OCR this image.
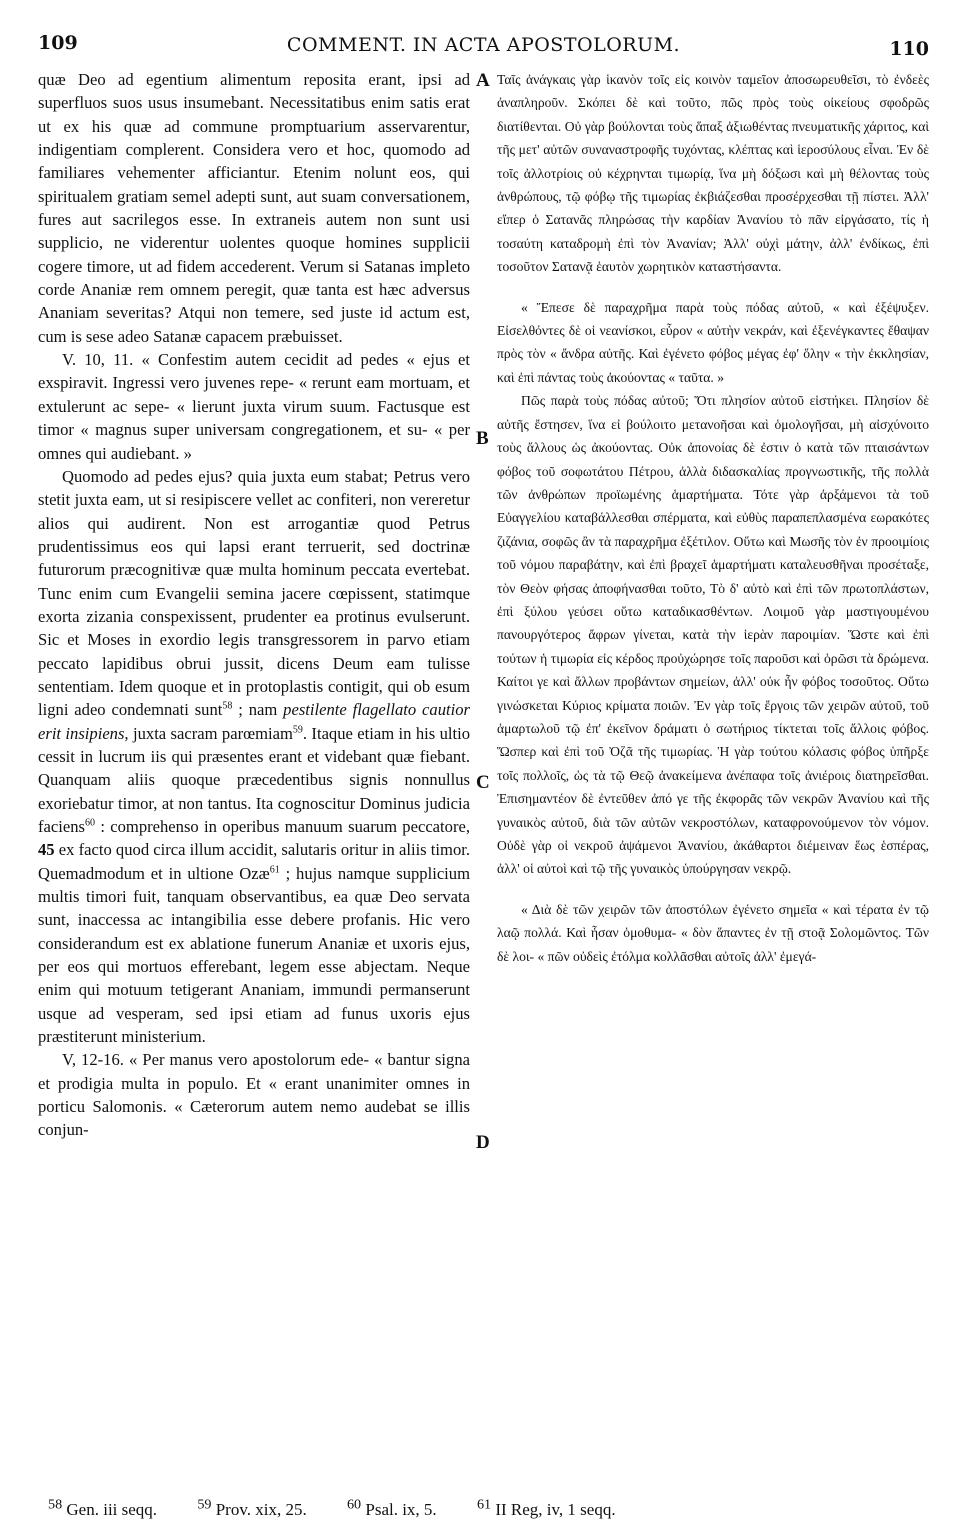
109	COMMENT. IN ACTA APOSTOLORUM.	110

quæ Deo ad egentium alimentum reposita erant, ipsi ad superfluos suos usus insumebant. Necessitatibus enim satis erat ut ex his quæ ad commune promptuarium asservarentur, indigentiam complerent. Considera vero et hoc, quomodo ad familiares vehementer afficiantur. Etenim nolunt eos, qui spiritualem gratiam semel adepti sunt, aut suam conversationem, fures aut sacrilegos esse. In extraneis autem non sunt usi supplicio, ne viderentur uolentes quoque homines supplicii cogere timore, ut ad fidem accederent. Verum si Satanas impleto corde Ananiæ rem omnem peregit, quæ tanta est hæc adversus Ananiam severitas? Atqui non temere, sed juste id actum est, cum is sese adeo Satanæ capacem præbuisset.

V. 10, 11. « Confestim autem cecidit ad pedes « ejus et exspiravit. Ingressi vero juvenes repe- « rerunt eam mortuam, et extulerunt ac sepe- « lierunt juxta virum suum. Factusque est timor « magnus super universam congregationem, et su- « per omnes qui audiebant. »

Quomodo ad pedes ejus? quia juxta eum stabat; Petrus vero stetit juxta eam, ut si resipiscere vellet ac confiteri, non vereretur alios qui audirent. Non est arrogantiæ quod Petrus prudentissimus eos qui lapsi erant terruerit, sed doctrinæ futurorum præcognitivæ quæ multa hominum peccata evertebat. Tunc enim cum Evangelii semina jacere cœpissent, statimque exorta zizania conspexissent, prudenter ea protinus evulserunt. Sic et Moses in exordio legis transgressorem in parvo etiam peccato lapidibus obrui jussit, dicens Deum eam tulisse sententiam. Idem quoque et in protoplastis contigit, qui ob esum ligni adeo condemnati sunt$^{58}$ ; nam pestilente flagellato cautior erit insipiens, juxta sacram parœmiam$^{59}$. Itaque etiam in his ultio cessit in lucrum iis qui præsentes erant et videbant quæ fiebant. Quanquam aliis quoque præcedentibus signis nonnullus exoriebatur timor, at non tantus. Ita cognoscitur Dominus judicia faciens$^{60}$ : comprehenso in operibus manuum suarum peccatore, 45 ex facto quod circa illum accidit, salutaris oritur in aliis timor. Quemadmodum et in ultione Ozæ$^{61}$ ; hujus namque supplicium multis timori fuit, tanquam observantibus, ea quæ Deo servata sunt, inaccessa ac intangibilia esse debere profanis. Hic vero considerandum est ex ablatione funerum Ananiæ et uxoris ejus, per eos qui mortuos efferebant, legem esse abjectam. Neque enim qui motuum tetigerant Ananiam, immundi permanserunt usque ad vesperam, sed ipsi etiam ad funus uxoris ejus præstiterunt ministerium.

V, 12-16. « Per manus vero apostolorum ede- « bantur signa et prodigia multa in populo. Et « erant unanimiter omnes in porticu Salomonis. « Cæterorum autem nemo audebat se illis conjun-

A
B
C
D

Ταῖς ἀνάγκαις γὰρ ἱκανὸν τοῖς εἰς κοινὸν ταμεῖον ἀποσωρευθεῖσι, τὸ ἐνδεὲς ἀναπληροῦν. Σκόπει δὲ καὶ τοῦτο, πῶς πρὸς τοὺς οἰκείους σφοδρῶς διατίθενται. Οὐ γὰρ βούλονται τοὺς ἅπαξ ἀξιωθέντας πνευματικῆς χάριτος, καὶ τῆς μετ' αὐτῶν συναναστροφῆς τυχόντας, κλέπτας καὶ ἱεροσύλους εἶναι. Ἐν δὲ τοῖς ἀλλοτρίοις οὐ κέχρηνται τιμωρίᾳ, ἵνα μὴ δόξωσι καὶ μὴ θέλοντας τοὺς ἀνθρώπους, τῷ φόβῳ τῆς τιμωρίας ἐκβιάζεσθαι προσέρχεσθαι τῇ πίστει. Ἀλλ' εἴπερ ὁ Σατανᾶς πληρώσας τὴν καρδίαν Ἀνανίου τὸ πᾶν εἰργάσατο, τίς ἡ τοσαύτη καταδρομὴ ἐπὶ τὸν Ἀνανίαν; Ἀλλ' οὐχὶ μάτην, ἀλλ' ἐνδίκως, ἐπὶ τοσοῦτον Σατανᾷ ἑαυτὸν χωρητικὸν καταστήσαντα.

« Ἔπεσε δὲ παραχρῆμα παρὰ τοὺς πόδας αὐτοῦ, « καὶ ἐξέψυξεν. Εἰσελθόντες δὲ οἱ νεανίσκοι, εὗρον « αὐτὴν νεκράν, καὶ ἐξενέγκαντες ἔθαψαν πρὸς τὸν « ἄνδρα αὐτῆς. Καὶ ἐγένετο φόβος μέγας ἐφ' ὅλην « τὴν ἐκκλησίαν, καὶ ἐπὶ πάντας τοὺς ἀκούοντας « ταῦτα. »

Πῶς παρὰ τοὺς πόδας αὐτοῦ; Ὅτι πλησίον αὐτοῦ εἱστήκει. Πλησίον δὲ αὐτῆς ἔστησεν, ἵνα εἰ βούλοιτο μετανοῆσαι καὶ ὁμολογῆσαι, μὴ αἰσχύνοιτο τοὺς ἄλλους ὡς ἀκούοντας. Οὐκ ἀπονοίας δὲ ἐστιν ὁ κατὰ τῶν πταισάντων φόβος τοῦ σοφωτάτου Πέτρου, ἀλλὰ διδασκαλίας προγνωστικῆς, τῆς πολλὰ τῶν ἀνθρώπων προϊωμένης ἁμαρτήματα. Τότε γὰρ ἀρξάμενοι τὰ τοῦ Εὐαγγελίου καταβάλλεσθαι σπέρματα, καὶ εὐθὺς παραπεπλασμένα εωρακότες ζιζάνια, σοφῶς ἂν τὰ παραχρῆμα ἐξέτιλον. Οὕτω καὶ Μωσῆς τὸν ἐν προοιμίοις τοῦ νόμου παραβάτην, καὶ ἐπὶ βραχεῖ ἁμαρτήματι καταλευσθῆναι προσέταξε, τὸν Θεὸν φήσας ἀποφήνασθαι τοῦτο, Τὸ δ' αὐτὸ καὶ ἐπὶ τῶν πρωτοπλάστων, ἐπὶ ξύλου γεύσει οὕτω καταδικασθέντων. Λοιμοῦ γὰρ μαστιγουμένου πανουργότερος ἄφρων γίνεται, κατὰ τὴν ἱερὰν παροιμίαν. Ὥστε καὶ ἐπὶ τούτων ἡ τιμωρία εἰς κέρδος προὐχώρησε τοῖς παροῦσι καὶ ὁρῶσι τὰ δρώμενα. Καίτοι γε καὶ ἄλλων προβάντων σημείων, ἀλλ' οὐκ ἦν φόβος τοσοῦτος. Οὕτω γινώσκεται Κύριος κρίματα ποιῶν. Ἐν γὰρ τοῖς ἔργοις τῶν χειρῶν αὐτοῦ, τοῦ ἁμαρτωλοῦ τῷ ἐπ' ἐκεῖνον δράματι ὁ σωτήριος τίκτεται τοῖς ἄλλοις φόβος. Ὥσπερ καὶ ἐπὶ τοῦ Ὀζᾶ τῆς τιμωρίας. Ἡ γὰρ τούτου κόλασις φόβος ὑπῆρξε τοῖς πολλοῖς, ὡς τὰ τῷ Θεῷ ἀνακείμενα ἀνέπαφα τοῖς ἀνιέροις διατηρεῖσθαι. Ἐπισημαντέον δὲ ἐντεῦθεν ἀπό γε τῆς ἐκφορᾶς τῶν νεκρῶν Ἀνανίου καὶ τῆς γυναικὸς αὐτοῦ, διὰ τῶν αὐτῶν νεκροστόλων, καταφρονούμενον τὸν νόμον. Οὐδὲ γὰρ οἱ νεκροῦ ἀψάμενοι Ἀνανίου, ἀκάθαρτοι διέμειναν ἕως ἑσπέρας, ἀλλ' οἱ αὐτοὶ καὶ τῷ τῆς γυναικὸς ὑπούργησαν νεκρῷ.

« Διὰ δὲ τῶν χειρῶν τῶν ἀποστόλων ἐγένετο σημεῖα « καὶ τέρατα ἐν τῷ λαῷ πολλά. Καὶ ἦσαν ὁμοθυμα- « δὸν ἅπαντες ἐν τῇ στοᾷ Σολομῶντος. Τῶν δὲ λοι- « πῶν οὐδεὶς ἐτόλμα κολλᾶσθαι αὐτοῖς ἀλλ' ἐμεγά-

$^{58}$ Gen. iii seqq.	$^{59}$ Prov. xix, 25.	$^{60}$ Psal. ix, 5.	$^{61}$ II Reg, iv, 1 seqq.
